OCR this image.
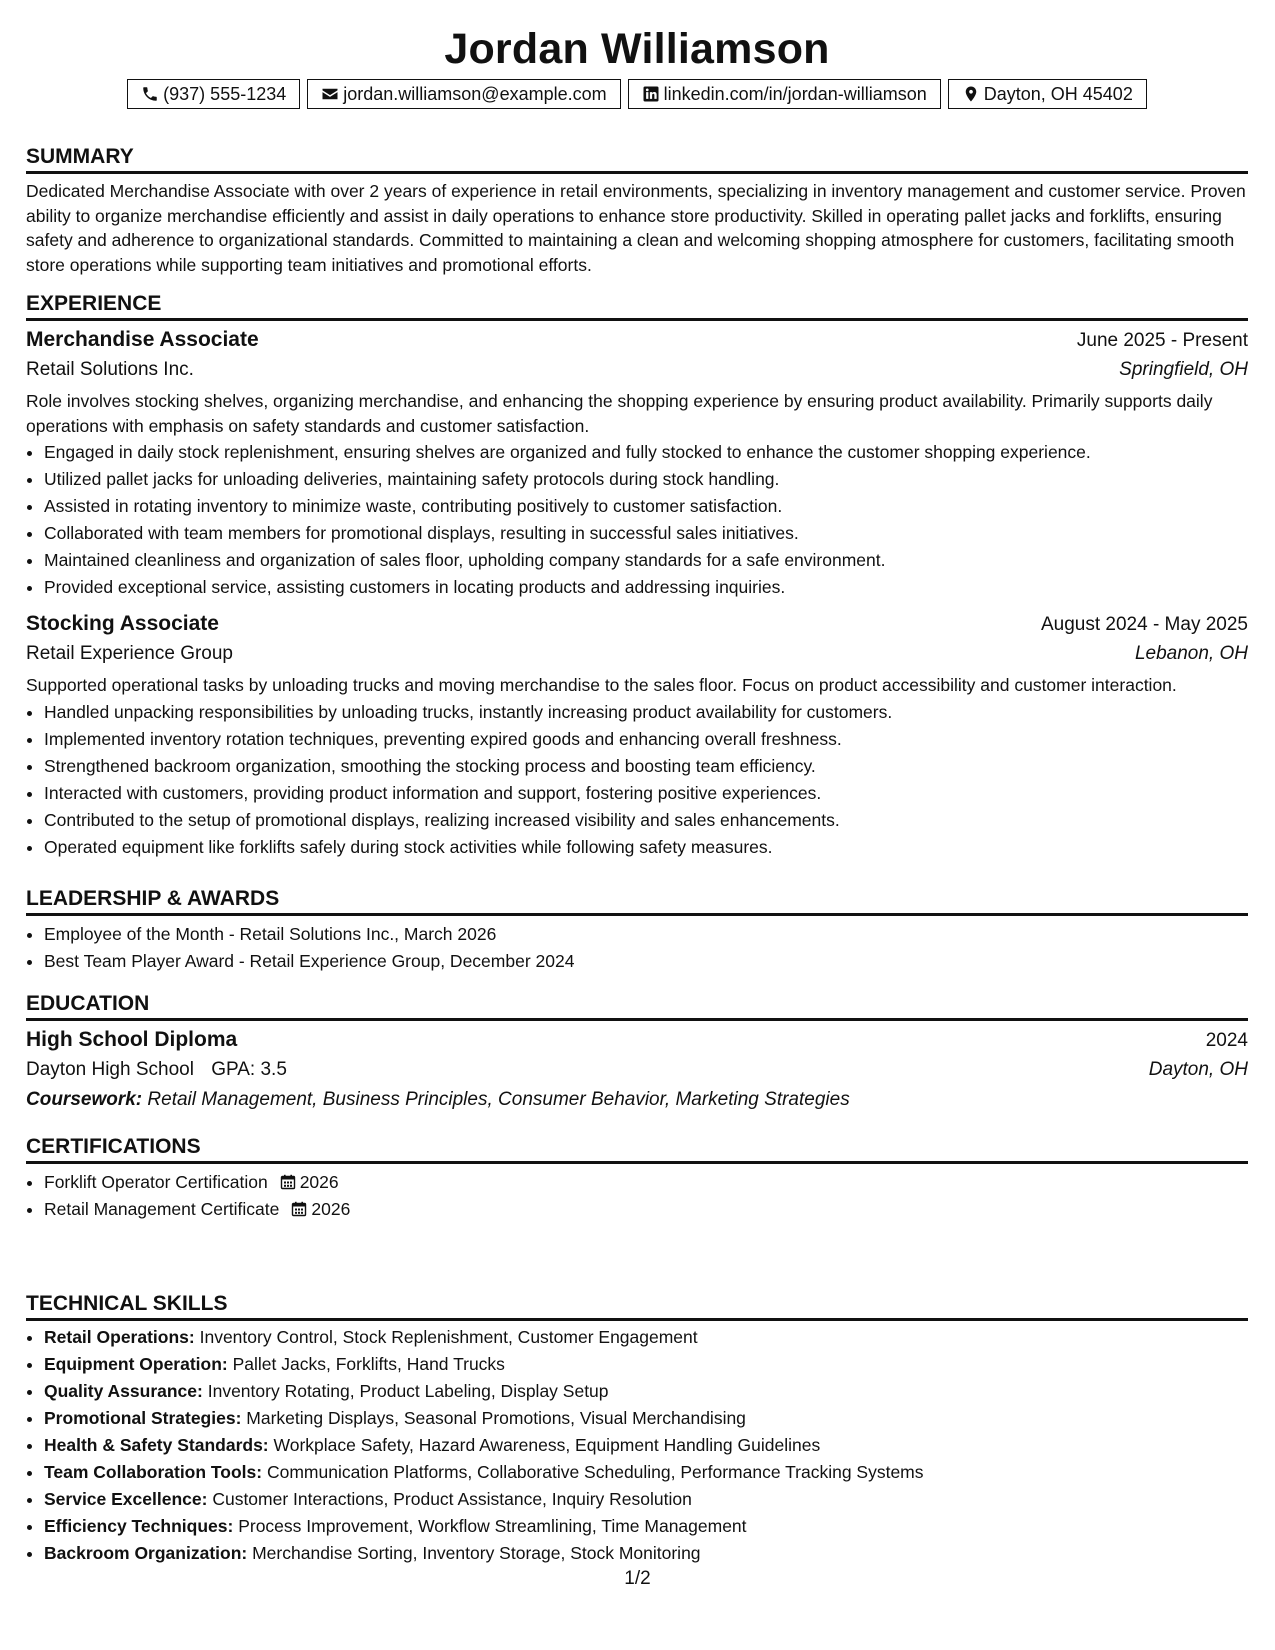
Jordan Williamson
(937) 555-1234	jordan.williamson@example.com	linkedin.com/in/jordan-williamson	Dayton, OH 45402
SUMMARY

Dedicated Merchandise Associate with over 2 years of experience in retail environments, specializing in inventory management and customer service. Proven ability to organize merchandise efficiently and assist in daily operations to enhance store productivity. Skilled in operating pallet jacks and forklifts, ensuring safety and adherence to organizational standards. Committed to maintaining a clean and welcoming shopping atmosphere for customers, facilitating smooth store operations while supporting team initiatives and promotional efforts.

EXPERIENCE
Merchandise Associate	June 2025 - Present
Retail Solutions Inc.	Springfield, OH

Role involves stocking shelves, organizing merchandise, and enhancing the shopping experience by ensuring product availability. Primarily supports daily operations with emphasis on safety standards and customer satisfaction.

• Engaged in daily stock replenishment, ensuring shelves are organized and fully stocked to enhance the customer shopping experience.
• Utilized pallet jacks for unloading deliveries, maintaining safety protocols during stock handling.
• Assisted in rotating inventory to minimize waste, contributing positively to customer satisfaction.
• Collaborated with team members for promotional displays, resulting in successful sales initiatives.
• Maintained cleanliness and organization of sales floor, upholding company standards for a safe environment.
• Provided exceptional service, assisting customers in locating products and addressing inquiries.
Stocking Associate	August 2024 - May 2025
Retail Experience Group	Lebanon, OH

Supported operational tasks by unloading trucks and moving merchandise to the sales floor. Focus on product accessibility and customer interaction.

• Handled unpacking responsibilities by unloading trucks, instantly increasing product availability for customers.
• Implemented inventory rotation techniques, preventing expired goods and enhancing overall freshness.
• Strengthened backroom organization, smoothing the stocking process and boosting team efficiency.
• Interacted with customers, providing product information and support, fostering positive experiences.
• Contributed to the setup of promotional displays, realizing increased visibility and sales enhancements.
• Operated equipment like forklifts safely during stock activities while following safety measures.
LEADERSHIP & AWARDS
• Employee of the Month - Retail Solutions Inc., March 2026
• Best Team Player Award - Retail Experience Group, December 2024
EDUCATION
High School Diploma	2024
Dayton High School GPA: 3.5	Dayton, OH
Coursework: Retail Management, Business Principles, Consumer Behavior, Marketing Strategies
CERTIFICATIONS
• Forklift Operator Certification 2026
• Retail Management Certificate 2026
TECHNICAL SKILLS
• Retail Operations: Inventory Control, Stock Replenishment, Customer Engagement
• Equipment Operation: Pallet Jacks, Forklifts, Hand Trucks
• Quality Assurance: Inventory Rotating, Product Labeling, Display Setup
• Promotional Strategies: Marketing Displays, Seasonal Promotions, Visual Merchandising
• Health & Safety Standards: Workplace Safety, Hazard Awareness, Equipment Handling Guidelines
• Team Collaboration Tools: Communication Platforms, Collaborative Scheduling, Performance Tracking Systems
• Service Excellence: Customer Interactions, Product Assistance, Inquiry Resolution
• Efficiency Techniques: Process Improvement, Workflow Streamlining, Time Management
• Backroom Organization: Merchandise Sorting, Inventory Storage, Stock Monitoring
1/2
